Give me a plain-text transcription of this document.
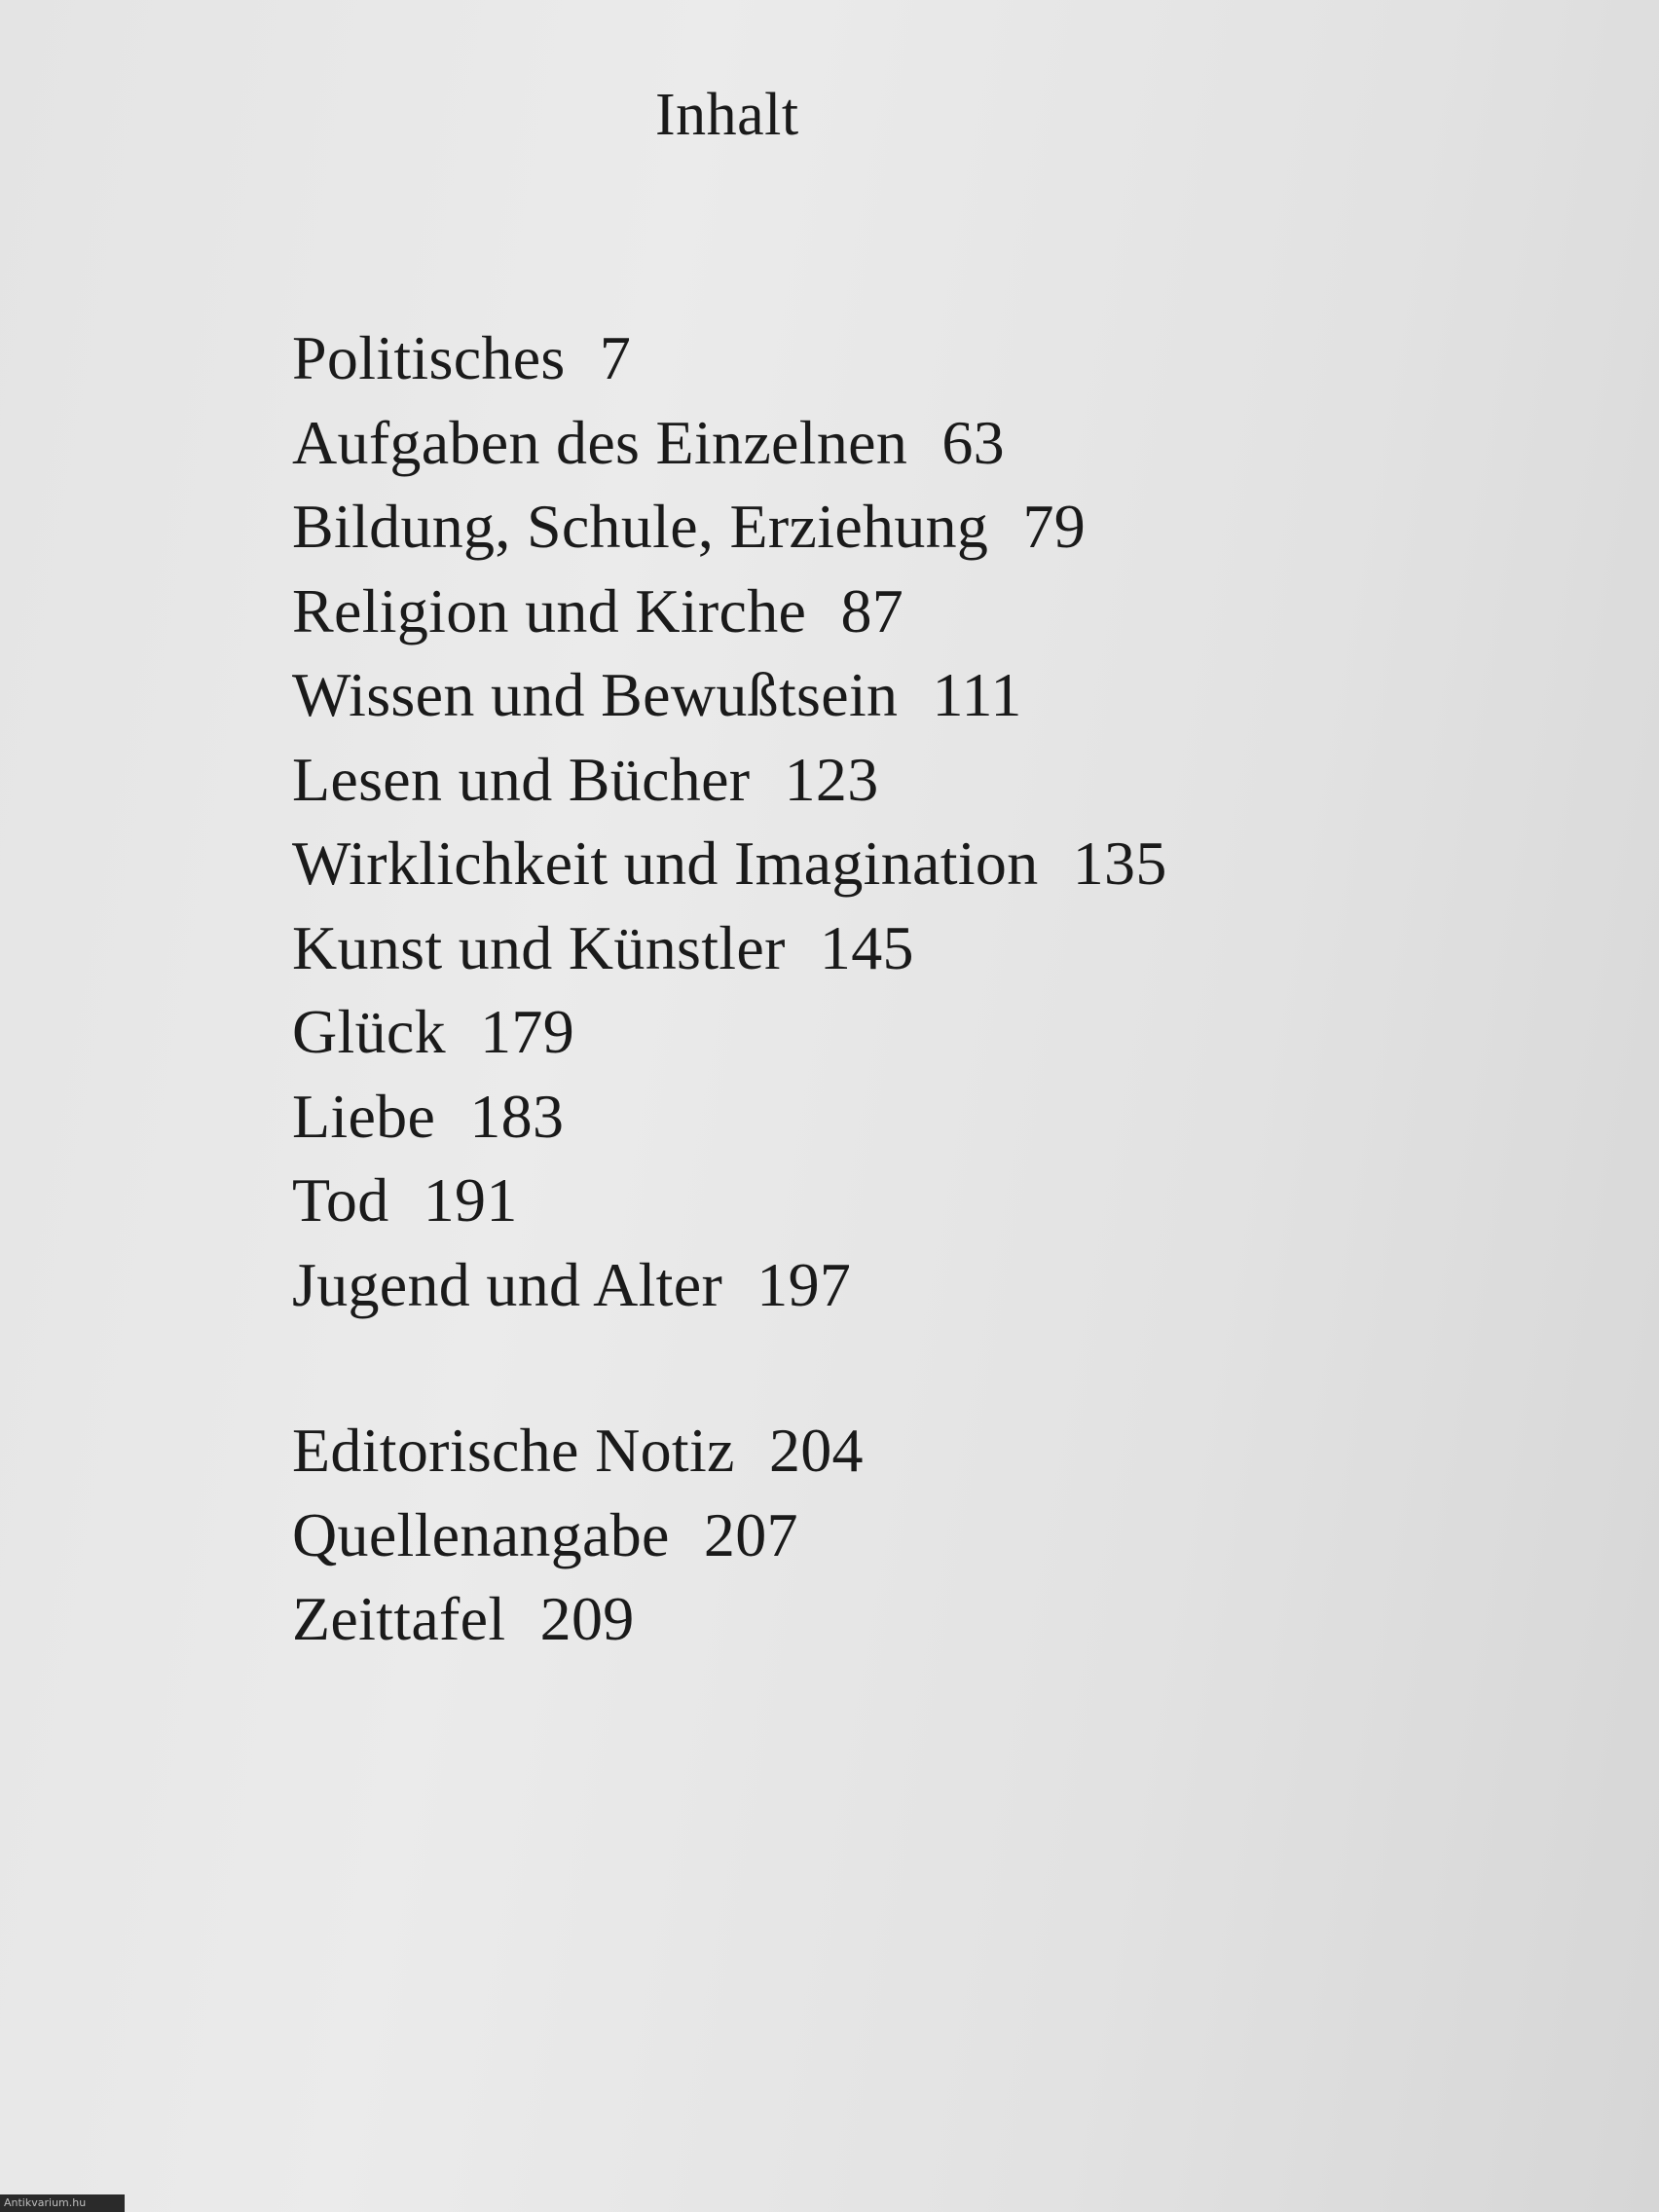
Inhalt
Politisches 7
Aufgaben des Einzelnen 63
Bildung, Schule, Erziehung 79
Religion und Kirche 87
Wissen und Bewußtsein 111
Lesen und Bücher 123
Wirklichkeit und Imagination 135
Kunst und Künstler 145
Glück 179
Liebe 183
Tod 191
Jugend und Alter 197
Editorische Notiz 204
Quellenangabe 207
Zeittafel 209
Antikvarium.hu
